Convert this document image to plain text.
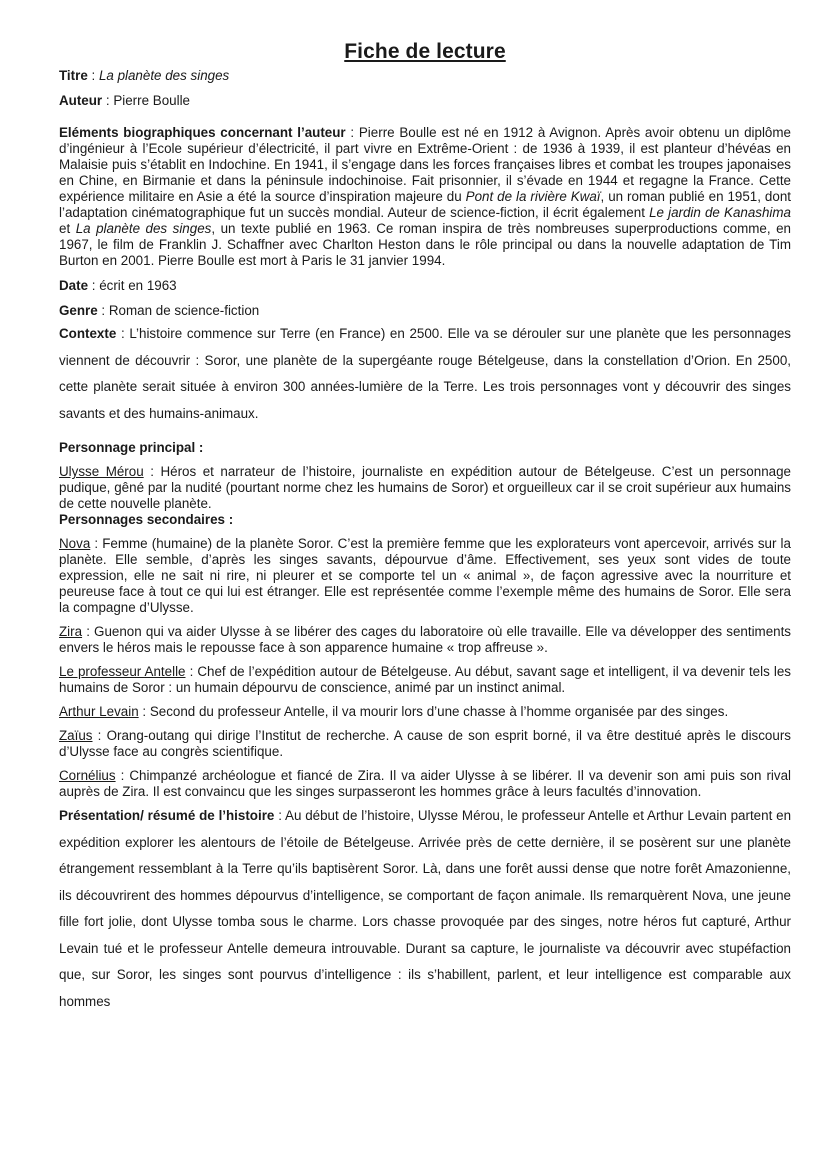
Fiche de lecture

Titre : La planète des singes

Auteur : Pierre Boulle

Eléments biographiques concernant l’auteur : Pierre Boulle est né en 1912 à Avignon. Après avoir obtenu un diplôme d’ingénieur à l’Ecole supérieur d’électricité, il part vivre en Extrême-Orient : de 1936 à 1939, il est planteur d’hévéas en Malaisie puis s’établit en Indochine. En 1941, il s’engage dans les forces françaises libres et combat les troupes japonaises en Chine, en Birmanie et dans la péninsule indochinoise. Fait prisonnier, il s’évade en 1944 et regagne la France. Cette expérience militaire en Asie a été la source d’inspiration majeure du Pont de la rivière Kwaï, un roman publié en 1951, dont l’adaptation cinématographique fut un succès mondial. Auteur de science-fiction, il écrit également Le jardin de Kanashima et La planète des singes, un texte publié en 1963. Ce roman inspira de très nombreuses superproductions comme, en 1967, le film de Franklin J. Schaffner avec Charlton Heston dans le rôle principal ou dans la nouvelle adaptation de Tim Burton en 2001. Pierre Boulle est mort à Paris le 31 janvier 1994.

Date : écrit en 1963

Genre : Roman de science-fiction

Contexte : L’histoire commence sur Terre (en France) en 2500. Elle va se dérouler sur une planète que les personnages viennent de découvrir : Soror, une planète de la supergéante rouge Bételgeuse, dans la constellation d’Orion. En 2500, cette planète serait située à environ 300 années-lumière de la Terre. Les trois personnages vont y découvrir des singes savants et des humains-animaux.

Personnage principal :

Ulysse Mérou : Héros et narrateur de l’histoire, journaliste en expédition autour de Bételgeuse. C’est un personnage pudique, gêné par la nudité (pourtant norme chez les humains de Soror) et orgueilleux car il se croit supérieur aux humains de cette nouvelle planète.

Personnages secondaires :

Nova : Femme (humaine) de la planète Soror. C’est la première femme que les explorateurs vont apercevoir, arrivés sur la planète. Elle semble, d’après les singes savants, dépourvue d’âme. Effectivement, ses yeux sont vides de toute expression, elle ne sait ni rire, ni pleurer et se comporte tel un « animal », de façon agressive avec la nourriture et peureuse face à tout ce qui lui est étranger. Elle est représentée comme l’exemple même des humains de Soror. Elle sera la compagne d’Ulysse.

Zira : Guenon qui va aider Ulysse à se libérer des cages du laboratoire où elle travaille. Elle va développer des sentiments envers le héros mais le repousse face à son apparence humaine « trop affreuse ».

Le professeur Antelle : Chef de l’expédition autour de Bételgeuse. Au début, savant sage et intelligent, il va devenir tels les humains de Soror : un humain dépourvu de conscience, animé par un instinct animal.

Arthur Levain : Second du professeur Antelle, il va mourir lors d’une chasse à l’homme organisée par des singes.

Zaïus : Orang-outang qui dirige l’Institut de recherche. A cause de son esprit borné, il va être destitué après le discours d’Ulysse face au congrès scientifique.

Cornélius : Chimpanzé archéologue et fiancé de Zira. Il va aider Ulysse à se libérer. Il va devenir son ami puis son rival auprès de Zira. Il est convaincu que les singes surpasseront les hommes grâce à leurs facultés d’innovation.

Présentation/ résumé de l’histoire : Au début de l’histoire, Ulysse Mérou, le professeur Antelle et Arthur Levain partent en expédition explorer les alentours de l’étoile de Bételgeuse. Arrivée près de cette dernière, il se posèrent sur une planète étrangement ressemblant à la Terre qu’ils baptisèrent Soror. Là, dans une forêt aussi dense que notre forêt Amazonienne, ils découvrirent des hommes dépourvus d’intelligence, se comportant de façon animale. Ils remarquèrent Nova, une jeune fille fort jolie, dont Ulysse tomba sous le charme. Lors chasse provoquée par des singes, notre héros fut capturé, Arthur Levain tué et le professeur Antelle demeura introuvable. Durant sa capture, le journaliste va découvrir avec stupéfaction que, sur Soror, les singes sont pourvus d’intelligence : ils s’habillent, parlent, et leur intelligence est comparable aux hommes
